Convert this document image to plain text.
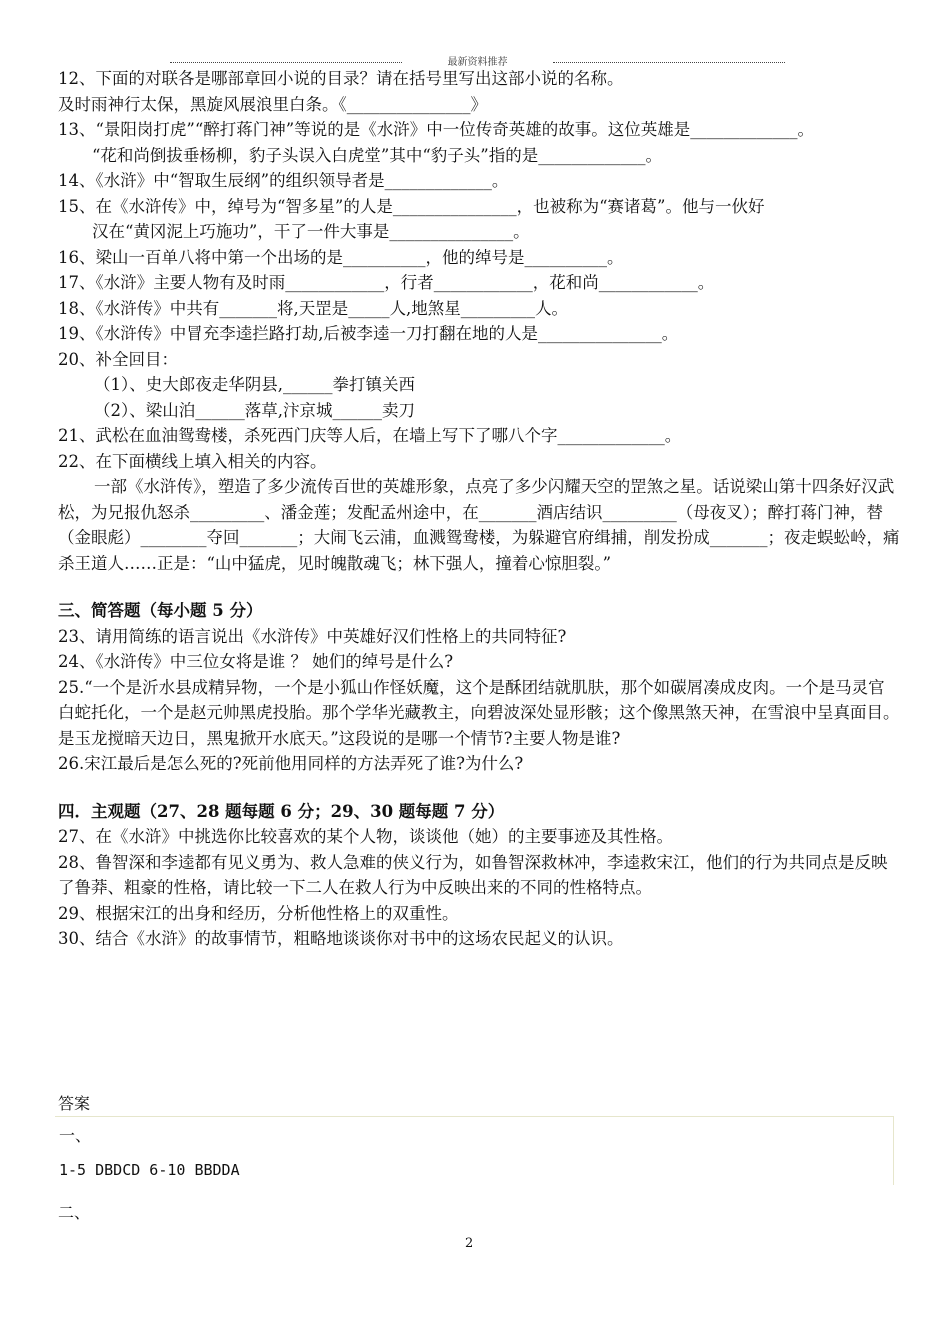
最新资料推荐
12、下面的对联各是哪部章回小说的目录？请在括号里写出这部小说的名称。
及时雨神行太保，黑旋风展浪里白条。《_______________》
13、“景阳岗打虎”“醉打蒋门神”等说的是《水浒》中一位传奇英雄的故事。这位英雄是_____________。
“花和尚倒拔垂杨柳，豹子头误入白虎堂”其中“豹子头”指的是_____________。
14、《水浒》中“智取生辰纲”的组织领导者是_____________。
15、在《水浒传》中，绰号为“智多星”的人是_______________，也被称为“赛诸葛”。他与一伙好
汉在“黄冈泥上巧施功”，干了一件大事是_______________。
16、梁山一百单八将中第一个出场的是__________，他的绰号是__________。
17、《水浒》主要人物有及时雨____________，行者____________，花和尚____________。
18、《水浒传》中共有_______将,天罡是_____人,地煞星_________人。
19、《水浒传》中冒充李逵拦路打劫,后被李逵一刀打翻在地的人是_______________。
20、补全回目：
（1）、史大郎夜走华阴县,______拳打镇关西
（2）、梁山泊______落草,汴京城______卖刀
21、武松在血油鸳鸯楼，杀死西门庆等人后，在墙上写下了哪八个字_____________。
22、在下面横线上填入相关的内容。
一部《水浒传》，塑造了多少流传百世的英雄形象，点亮了多少闪耀天空的罡煞之星。话说梁山第十四条好汉武松，为兄报仇怒杀_________、潘金莲；发配孟州途中，在_______酒店结识_________（母夜叉）；醉打蒋门神，替（金眼彪）________夺回_______；大闹飞云浦，血溅鸳鸯楼，为躲避官府缉捕，削发扮成_______；夜走蜈蚣岭，痛杀王道人……正是：“山中猛虎，见时魄散魂飞；林下强人，撞着心惊胆裂。”
三、简答题（每小题 5 分）
23、请用简练的语言说出《水浒传》中英雄好汉们性格上的共同特征?
24、《水浒传》中三位女将是谁 ？ 她们的绰号是什么?
25.“一个是沂水县成精异物，一个是小狐山作怪妖魔，这个是酥团结就肌肤，那个如碳屑凑成皮肉。一个是马灵官白蛇托化，一个是赵元帅黑虎投胎。那个学华光藏教主，向碧波深处显形骸；这个像黑煞天神，在雪浪中呈真面目。是玉龙搅暗天边日，黑鬼掀开水底天。”这段说的是哪一个情节?主要人物是谁?
26.宋江最后是怎么死的?死前他用同样的方法弄死了谁?为什么?
四．主观题（27、28 题每题 6 分；29、30 题每题 7 分）
27、在《水浒》中挑选你比较喜欢的某个人物，谈谈他（她）的主要事迹及其性格。
28、鲁智深和李逵都有见义勇为、救人急难的侠义行为，如鲁智深救林冲，李逵救宋江，他们的行为共同点是反映了鲁莽、粗豪的性格，请比较一下二人在救人行为中反映出来的不同的性格特点。
29、根据宋江的出身和经历，分析他性格上的双重性。
30、结合《水浒》的故事情节，粗略地谈谈你对书中的这场农民起义的认识。
答案
一、
1-5 DBDCD 6-10 BBDDA
二、
2
